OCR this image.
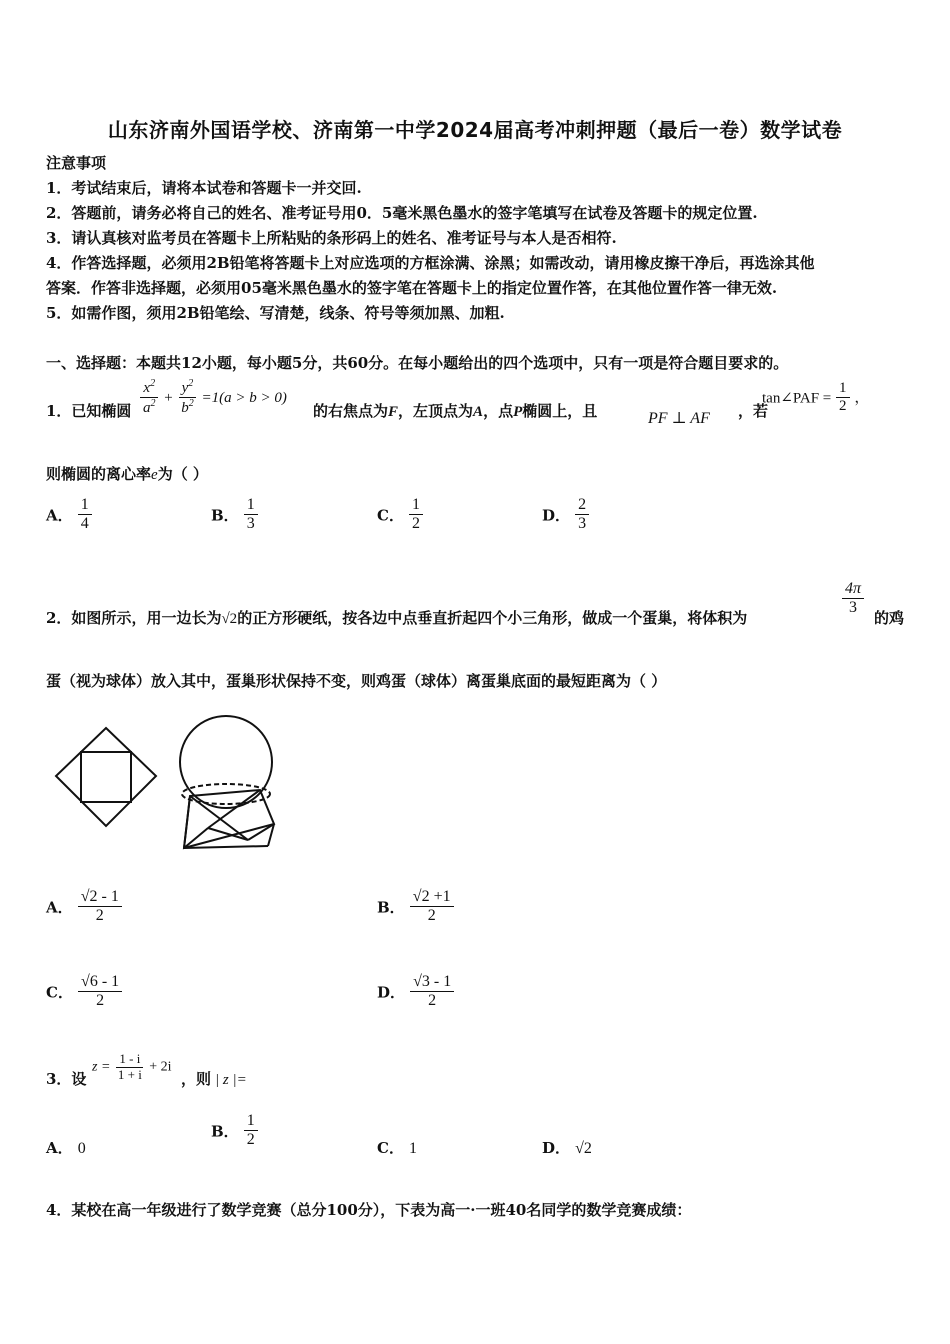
山东济南外国语学校、济南第一中学2024届高考冲刺押题（最后一卷）数学试卷
注意事项
1．考试结束后，请将本试卷和答题卡一并交回.
2．答题前，请务必将自己的姓名、准考证号用0．5毫米黑色墨水的签字笔填写在试卷及答题卡的规定位置.
3．请认真核对监考员在答题卡上所粘贴的条形码上的姓名、准考证号与本人是否相符.
4．作答选择题，必须用2B铅笔将答题卡上对应选项的方框涂满、涂黑；如需改动，请用橡皮擦干净后，再选涂其他
答案．作答非选择题，必须用05毫米黑色墨水的签字笔在答题卡上的指定位置作答，在其他位置作答一律无效.
5．如需作图，须用2B铅笔绘、写清楚，线条、符号等须加黑、加粗.
一、选择题：本题共12小题，每小题5分，共60分。在每小题给出的四个选项中，只有一项是符合题目要求的。
1．已知椭圆 $\frac{x^2}{a^2} + \frac{y^2}{b^2} =1(a > b > 0)$
的右焦点为F，左顶点为A，点P椭圆上，且	PF ⊥ AF ，若
tan∠PAF = $\frac{1}{2}$ ，
则椭圆的离心率e为（ ）
A． $\frac{1}{4}$	B． $\frac{1}{3}$	C． $\frac{1}{2}$	D． $\frac{2}{3}$
2．如图所示，用一边长为√2的正方形硬纸，按各边中点垂直折起四个小三角形，做成一个蛋巢，将体积为
$\frac{4\pi}{3}$
的鸡
蛋（视为球体）放入其中，蛋巢形状保持不变，则鸡蛋（球体）离蛋巢底面的最短距离为（ ）
A． $\frac{√2 - 1}{2}$	B． $\frac{√2 +1}{2}$
C． $\frac{√6 - 1}{2}$	D． $\frac{√3 - 1}{2}$
3．设
$z = \frac{1 - i}{1 + i} + 2i$
，则 | z |=
A． 0
B． $\frac{1}{2}$	C． 1	D． √2
4．某校在高一年级进行了数学竞赛（总分100分），下表为高一·一班40名同学的数学竞赛成绩：
